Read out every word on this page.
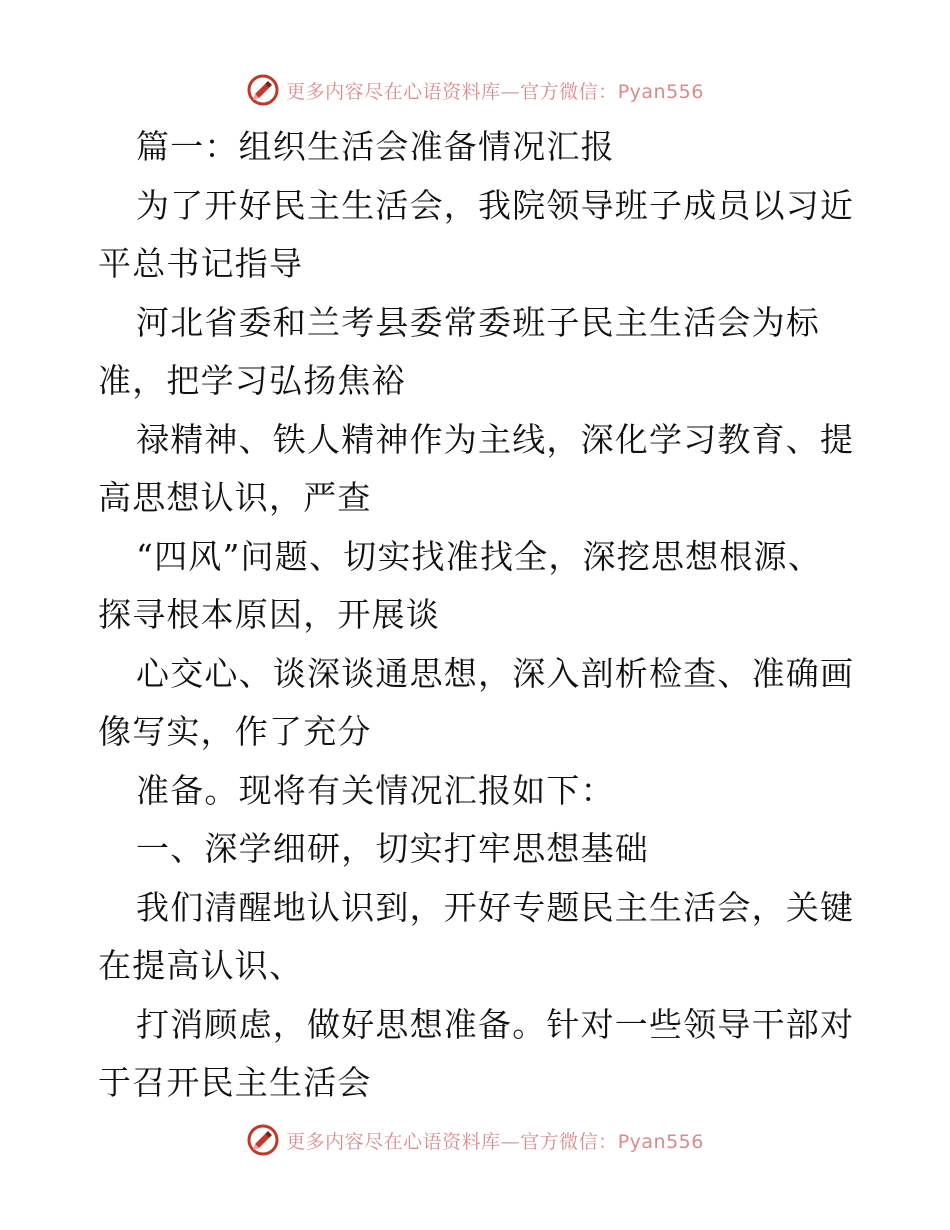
更多内容尽在心语资料库—官方微信：Pyan556
篇一：组织生活会准备情况汇报
为了开好民主生活会，我院领导班子成员以习近
平总书记指导
河北省委和兰考县委常委班子民主生活会为标
准，把学习弘扬焦裕
禄精神、铁人精神作为主线，深化学习教育、提
高思想认识，严查
“四风”问题、切实找准找全，深挖思想根源、
探寻根本原因，开展谈
心交心、谈深谈通思想，深入剖析检查、准确画
像写实，作了充分
准备。现将有关情况汇报如下：
一、深学细研，切实打牢思想基础
我们清醒地认识到，开好专题民主生活会，关键
在提高认识、
打消顾虑，做好思想准备。针对一些领导干部对
于召开民主生活会
更多内容尽在心语资料库—官方微信：Pyan556
